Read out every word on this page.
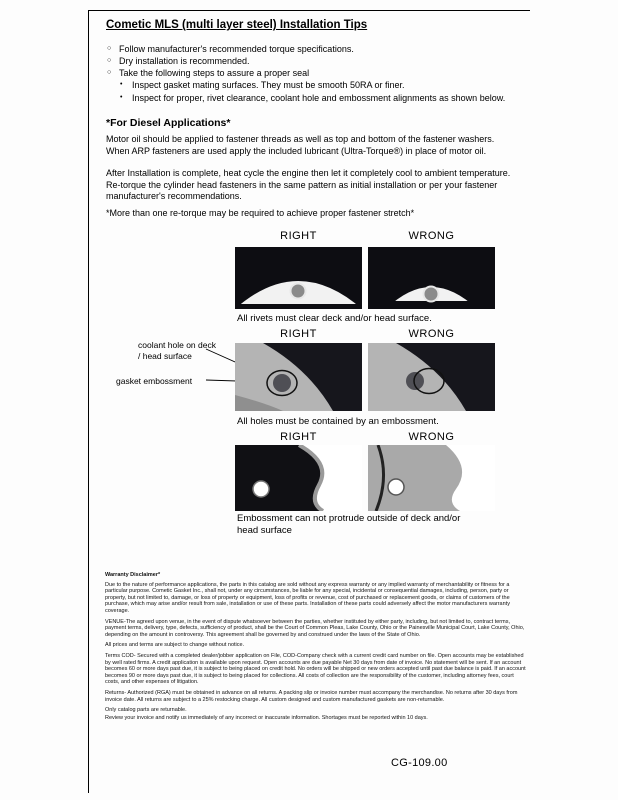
Cometic MLS (multi layer steel) Installation Tips
○ Follow manufacturer's recommended torque specifications.
○ Dry installation is recommended.
○ Take the following steps to assure a proper seal
•	Inspect gasket mating surfaces. They must be smooth 50RA or finer.
•	Inspect for proper, rivet clearance, coolant hole and embossment alignments as shown below.
*For Diesel Applications*
Motor oil should be applied to fastener threads as well as top and bottom of the fastener washers. When ARP fasteners are used apply the included lubricant (Ultra-Torque®) in place of motor oil.
After Installation is complete, heat cycle the engine then let it completely cool to ambient temperature. Re-torque the cylinder head fasteners in the same pattern as initial installation or per your fastener manufacturer's recommendations.
*More than one re-torque may be required to achieve proper fastener stretch*
RIGHT	WRONG
All rivets must clear deck and/or head surface.
RIGHT	WRONG
coolant hole on deck / head surface
gasket embossment
All holes must be contained by an embossment.
RIGHT	WRONG
Embossment can not protrude outside of deck and/or head surface

Warranty Disclaimer*

Due to the nature of performance applications, the parts in this catalog are sold without any express warranty or any implied warranty of merchantability or fitness for a particular purpose. Cometic Gasket Inc., shall not, under any circumstances, be liable for any special, incidental or consequential damages, including, person, party or property, but not limited to, damage, or loss of property or equipment, loss of profits or revenue, cost of purchased or replacement goods, or claims of customers of the purchase, which may arise and/or result from sale, installation or use of these parts. Installation of these parts could adversely affect the motor manufacturers warranty coverage.

VENUE-The agreed upon venue, in the event of dispute whatsoever between the parties, whether instituted by either party, including, but not limited to, contract terms, payment terms, delivery, type, defects, sufficiency of product, shall be the Court of Common Pleas, Lake County, Ohio or the Painesville Municipal Court, Lake County, Ohio, depending on the amount in controversy. This agreement shall be governed by and construed under the laws of the State of Ohio.

All prices and terms are subject to change without notice.

Terms COD- Secured with a completed dealer/jobber application on File, COD-Company check with a current credit card number on file. Open accounts may be established by well rated firms. A credit application is available upon request. Open accounts are due payable Net 30 days from date of invoice. No statement will be sent. If an account becomes 60 or more days past due, it is subject to being placed on credit hold. No orders will be shipped or new orders accepted until past due balance is paid. If an account becomes 90 or more days past due, it is subject to being placed for collections. All costs of collection are the responsibility of the customer, including attorney fees, court costs, and other expenses of litigation.

Returns- Authorized (RGA) must be obtained in advance on all returns. A packing slip or invoice number must accompany the merchandise. No returns after 30 days from invoice date. All returns are subject to a 25% restocking charge. All custom designed and custom manufactured gaskets are non-returnable.

Only catalog parts are returnable.

Review your invoice and notify us immediately of any incorrect or inaccurate information. Shortages must be reported within 10 days.

CG-109.00
